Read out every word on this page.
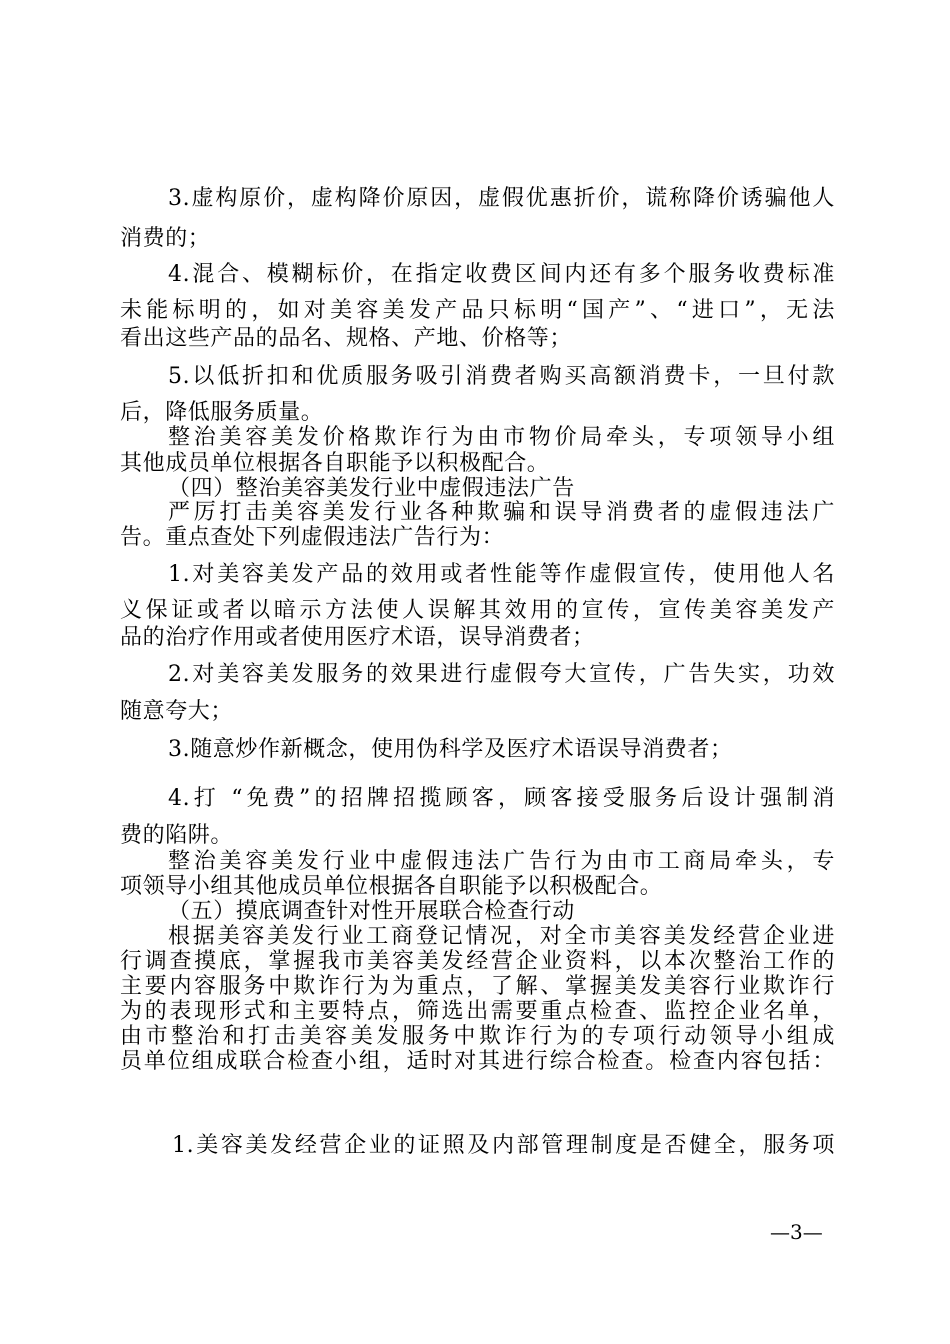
3.虚构原价，虚构降价原因，虚假优惠折价，谎称降价诱骗他人
消费的；
4.混合、模糊标价，在指定收费区间内还有多个服务收费标准
未能标明的，如对美容美发产品只标明“国产”、“进口”，无法
看出这些产品的品名、规格、产地、价格等；
5.以低折扣和优质服务吸引消费者购买高额消费卡，一旦付款
后，降低服务质量。
整治美容美发价格欺诈行为由市物价局牵头，专项领导小组
其他成员单位根据各自职能予以积极配合。
（四）整治美容美发行业中虚假违法广告
严厉打击美容美发行业各种欺骗和误导消费者的虚假违法广
告。重点查处下列虚假违法广告行为：
1.对美容美发产品的效用或者性能等作虚假宣传，使用他人名
义保证或者以暗示方法使人误解其效用的宣传，宣传美容美发产
品的治疗作用或者使用医疗术语，误导消费者；
2.对美容美发服务的效果进行虚假夸大宣传，广告失实，功效
随意夸大；
3.随意炒作新概念，使用伪科学及医疗术语误导消费者；
4.打 “免费”的招牌招揽顾客，顾客接受服务后设计强制消
费的陷阱。
整治美容美发行业中虚假违法广告行为由市工商局牵头，专
项领导小组其他成员单位根据各自职能予以积极配合。
（五）摸底调查针对性开展联合检查行动
根据美容美发行业工商登记情况，对全市美容美发经营企业进
行调查摸底，掌握我市美容美发经营企业资料，以本次整治工作的
主要内容服务中欺诈行为为重点，了解、掌握美发美容行业欺诈行
为的表现形式和主要特点，筛选出需要重点检查、监控企业名单，
由市整治和打击美容美发服务中欺诈行为的专项行动领导小组成
员单位组成联合检查小组，适时对其进行综合检查。检查内容包括：
1.美容美发经营企业的证照及内部管理制度是否健全，服务项
—3—
